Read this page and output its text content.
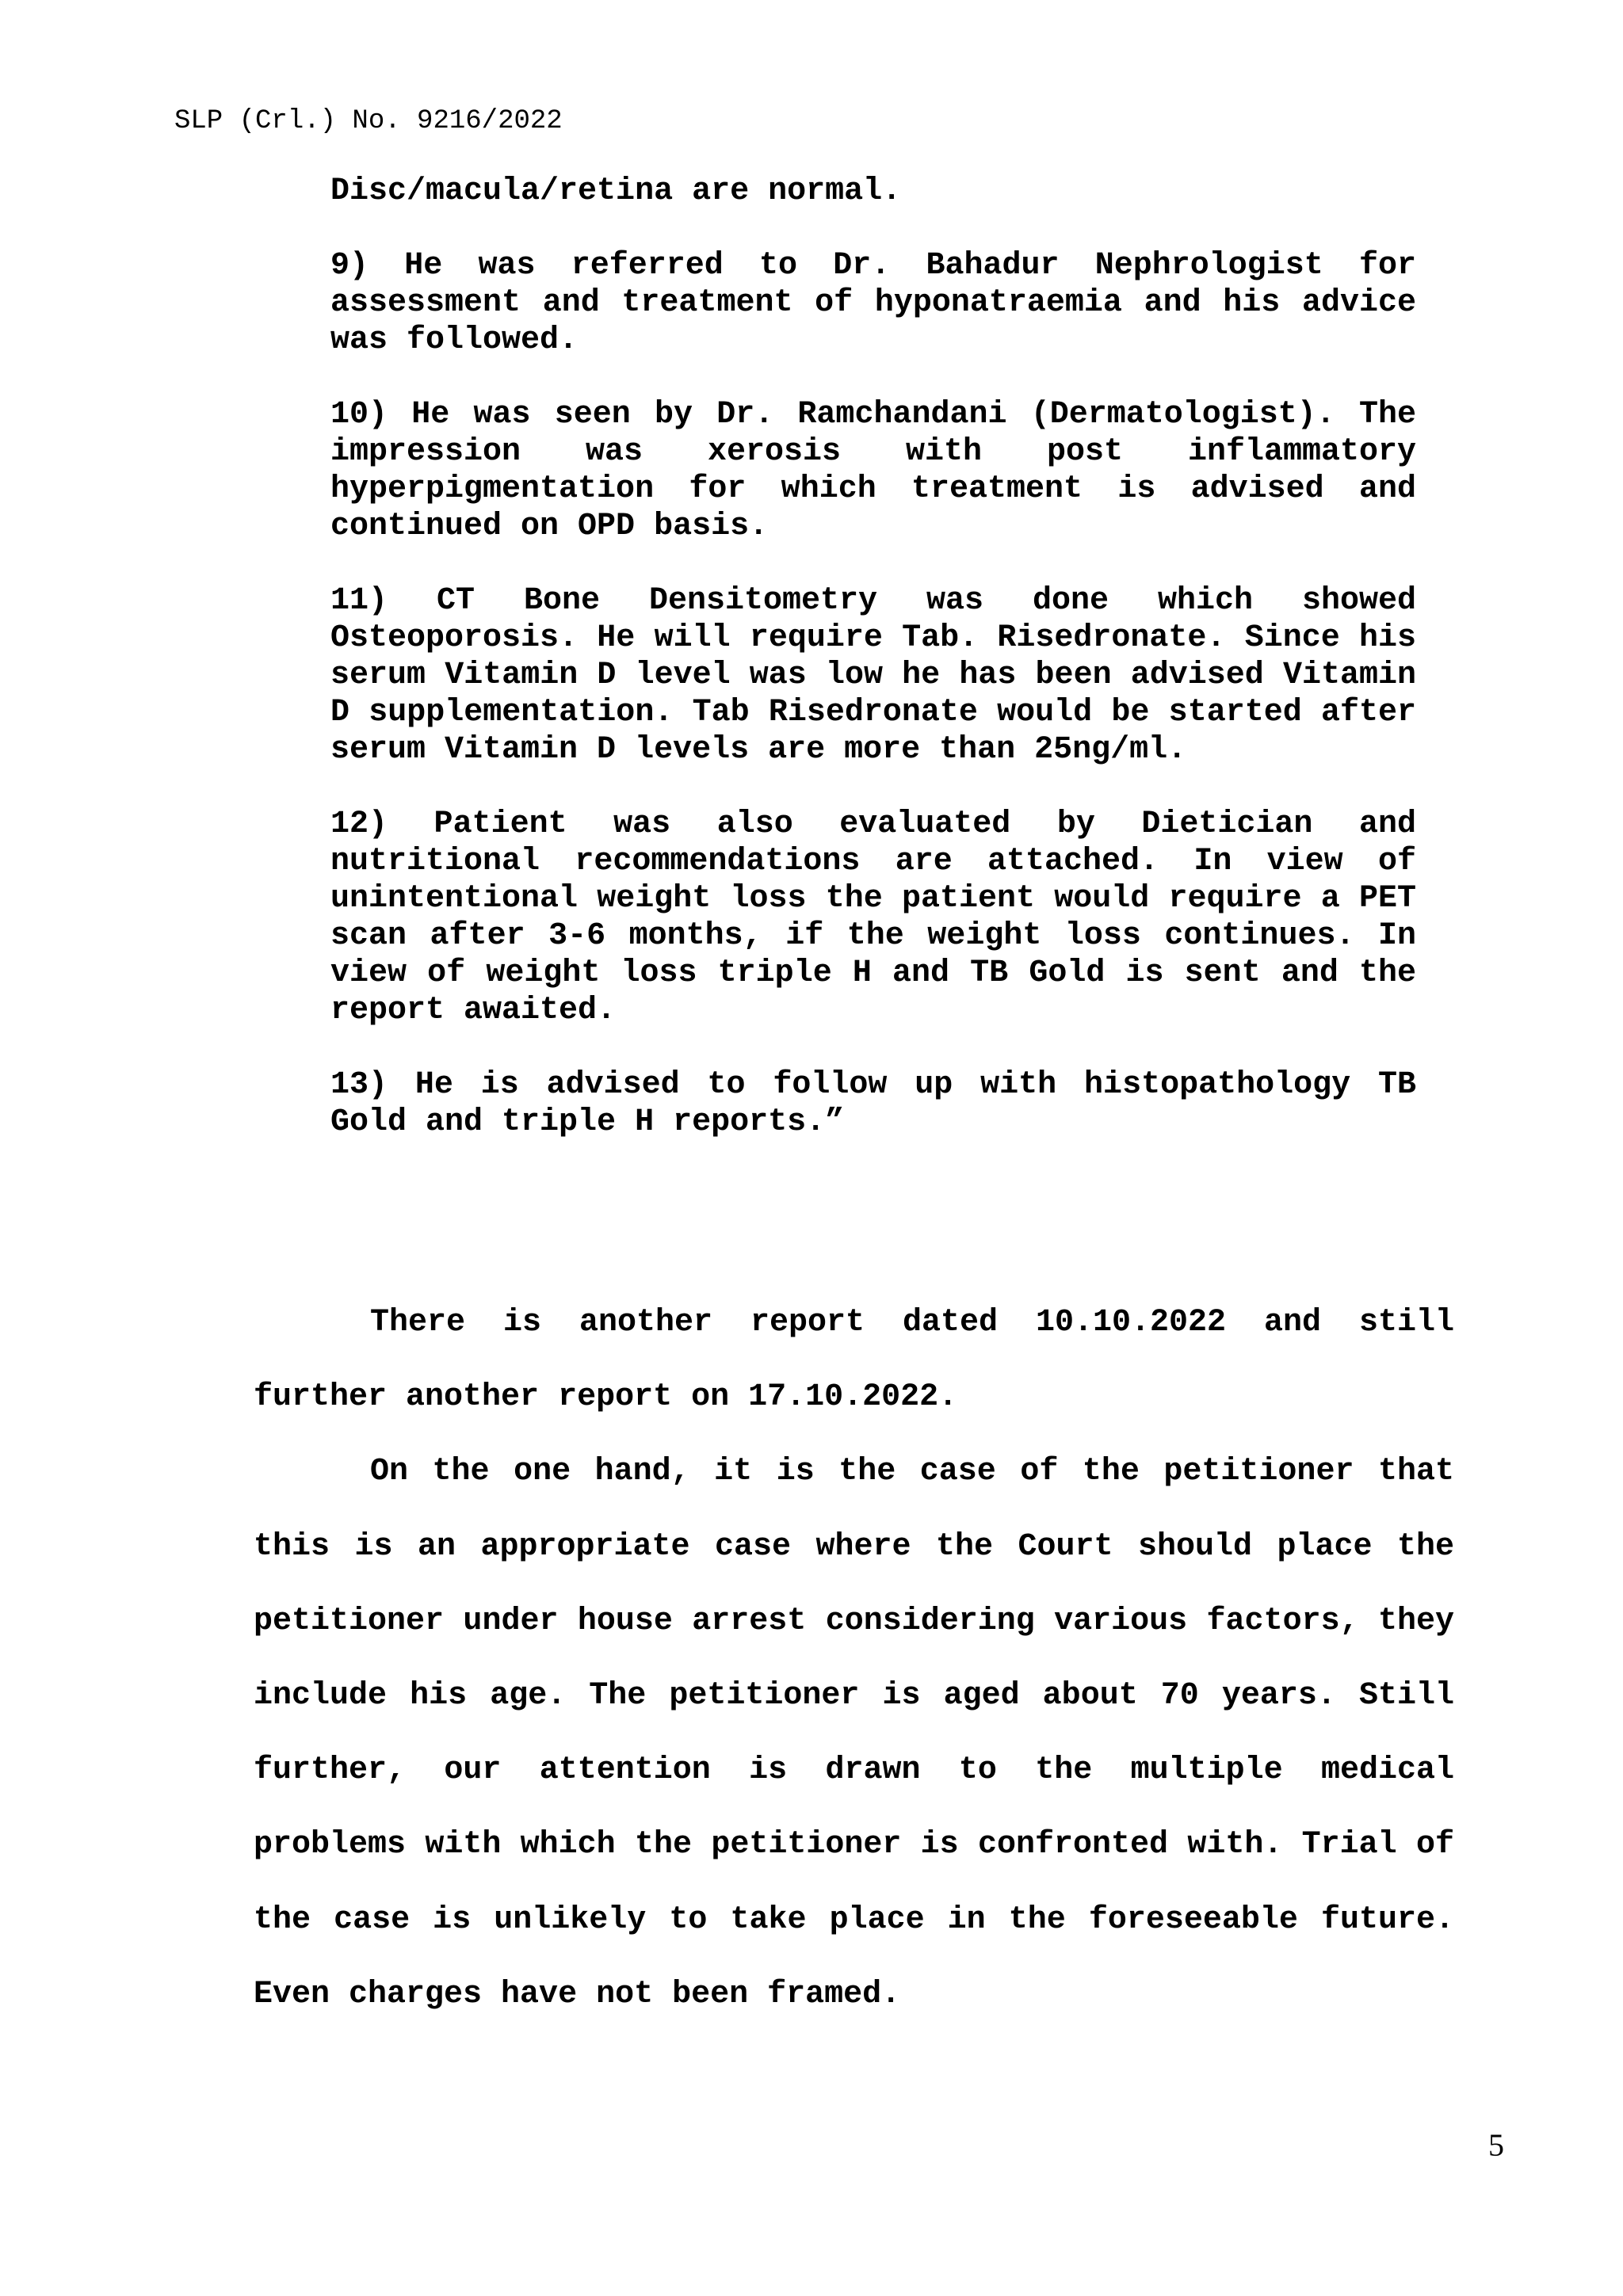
SLP (Crl.) No. 9216/2022

Disc/macula/retina are normal.

9) He was referred to Dr. Bahadur Nephrologist for assessment and treatment of hyponatraemia and his advice was followed.

10) He was seen by Dr. Ramchandani (Dermatologist). The impression was xerosis with post inflammatory hyperpigmentation for which treatment is advised and continued on OPD basis.

11) CT Bone Densitometry was done which showed Osteoporosis. He will require Tab. Risedronate. Since his serum Vitamin D level was low he has been advised Vitamin D supplementation. Tab Risedronate would be started after serum Vitamin D levels are more than 25ng/ml.

12) Patient was also evaluated by Dietician and nutritional recommendations are attached. In view of unintentional weight loss the patient would require a PET scan after 3-6 months, if the weight loss continues. In view of weight loss triple H and TB Gold is sent and the report awaited.

13) He is advised to follow up with histopathology TB Gold and triple H reports.”

There is another report dated 10.10.2022 and still further another report on 17.10.2022.

On the one hand, it is the case of the petitioner that this is an appropriate case where the Court should place the petitioner under house arrest considering various factors, they include his age. The petitioner is aged about 70 years. Still further, our attention is drawn to the multiple medical problems with which the petitioner is confronted with. Trial of the case is unlikely to take place in the foreseeable future. Even charges have not been framed.

5
